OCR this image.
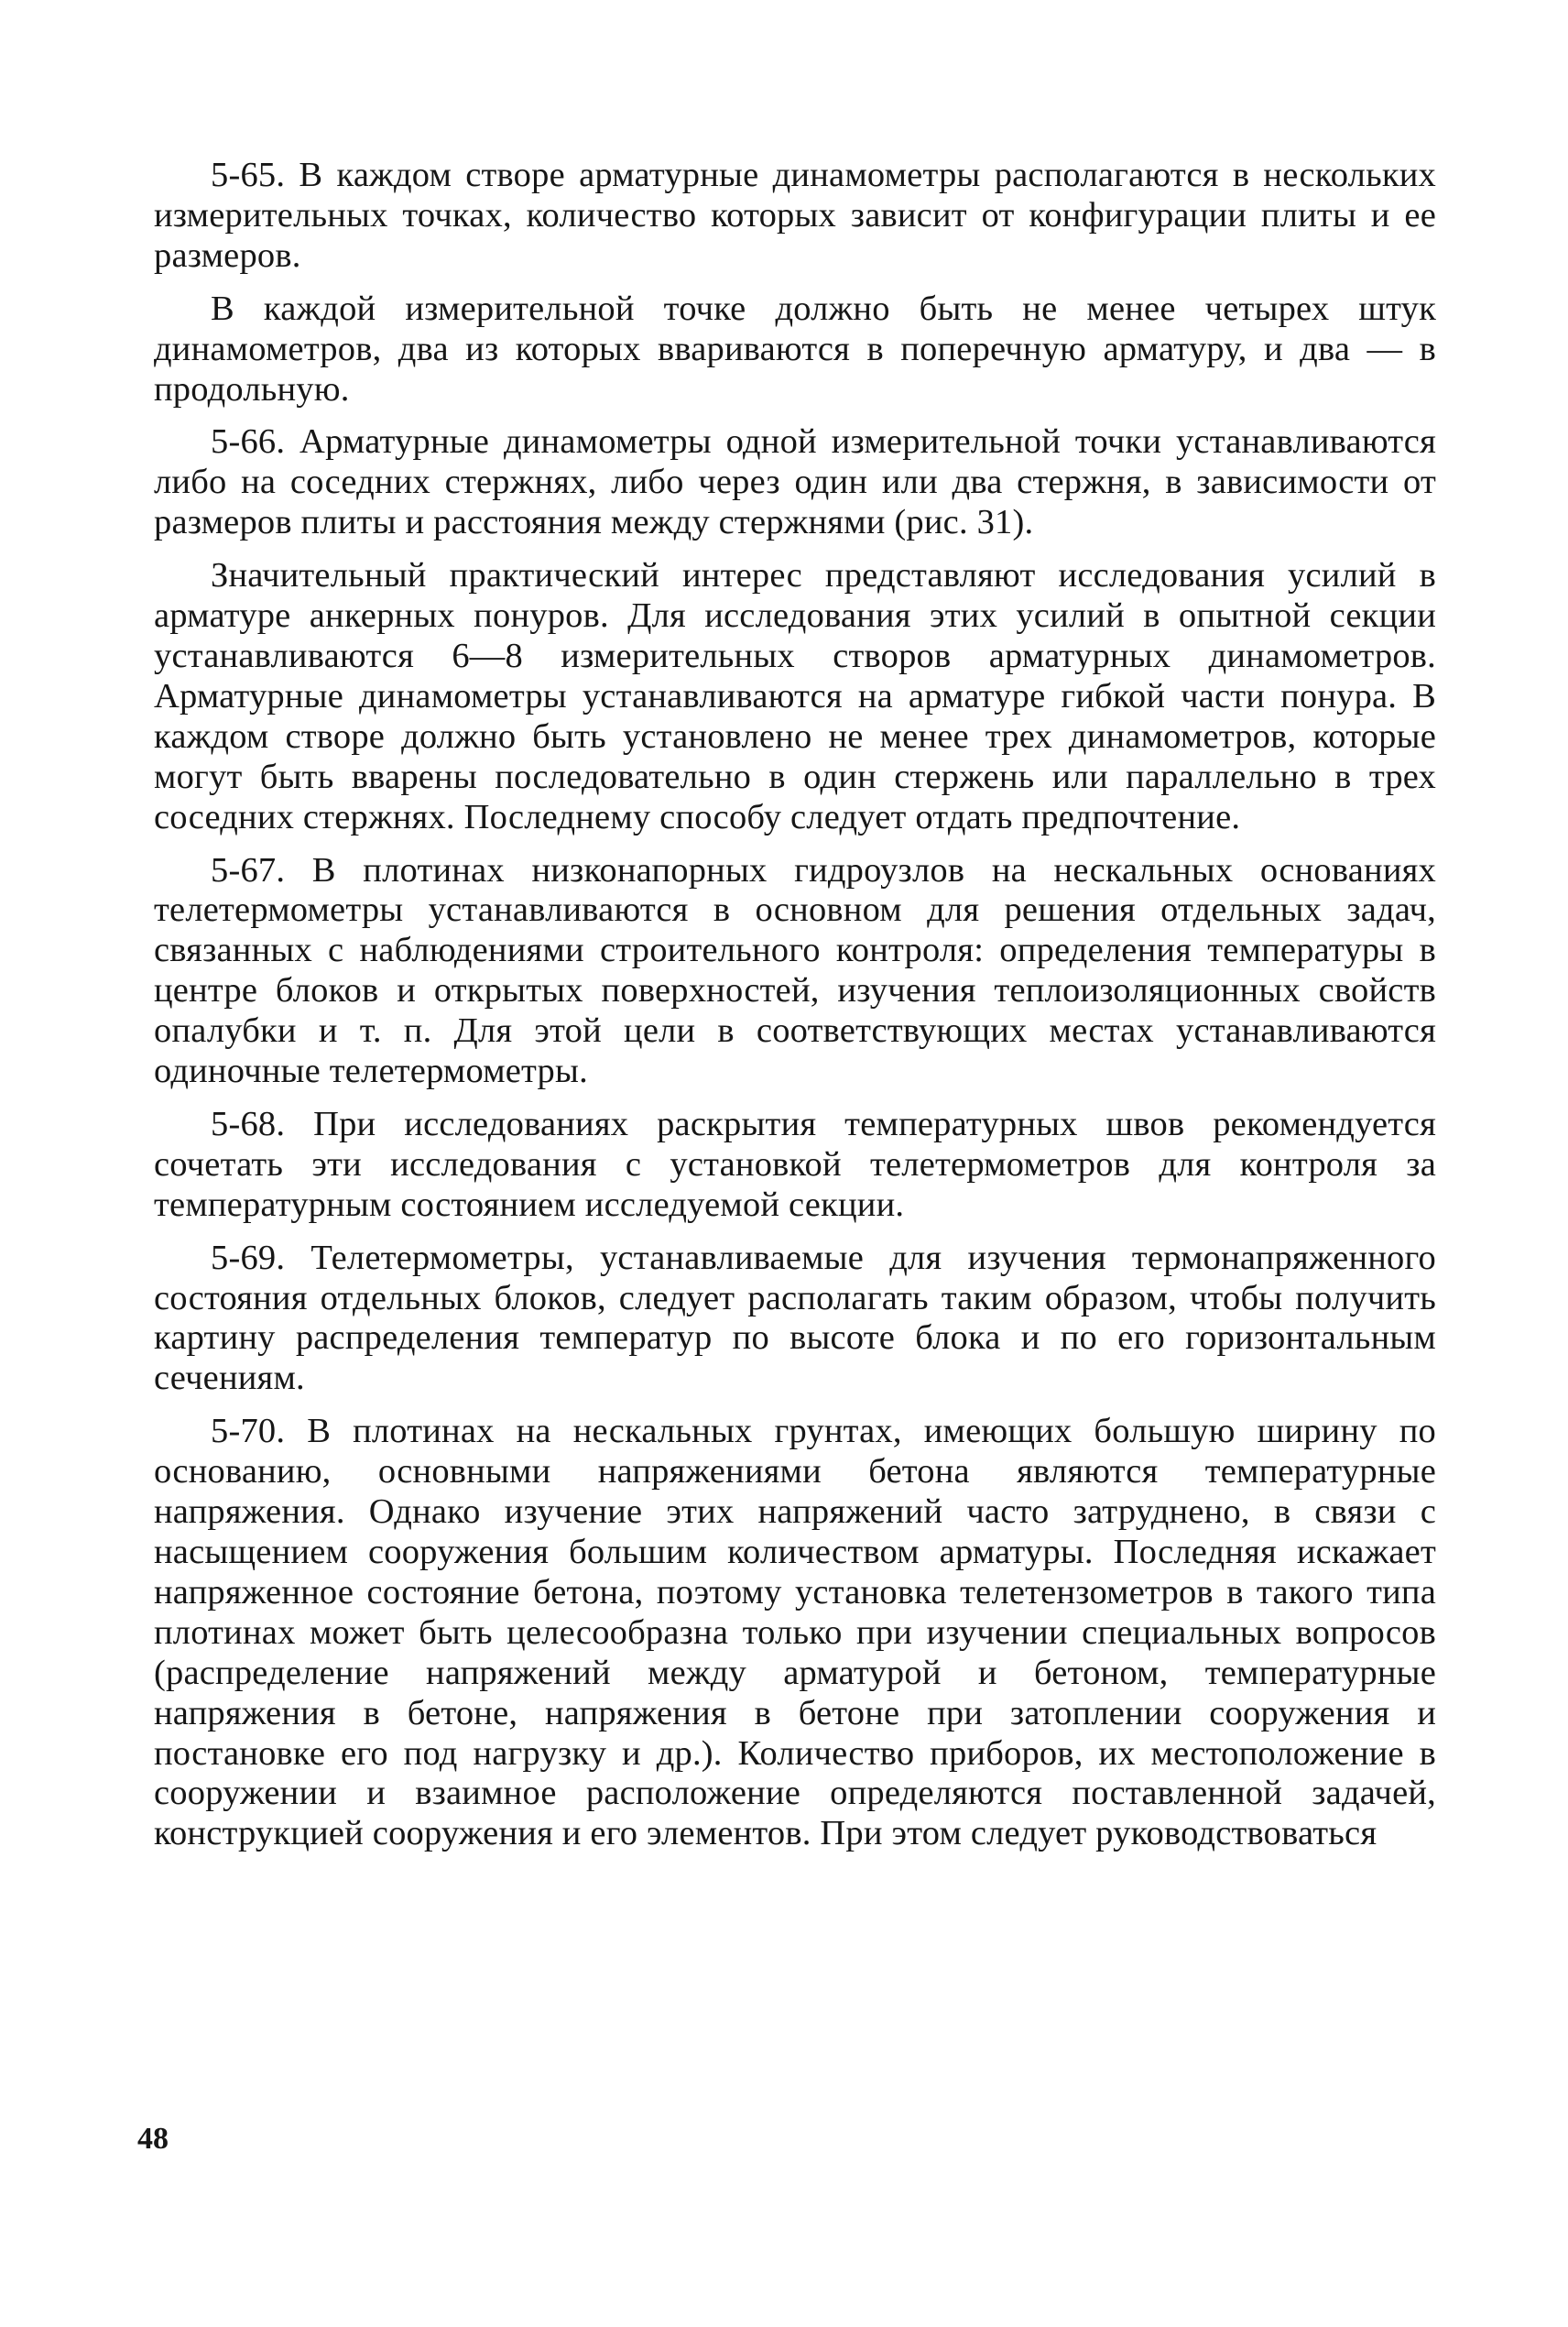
5-65. В каждом створе арматурные динамометры располагаются в нескольких измерительных точках, количество которых зависит от конфигурации плиты и ее размеров.

В каждой измерительной точке должно быть не менее четырех штук динамометров, два из которых ввариваются в поперечную арматуру, и два — в продольную.

5-66. Арматурные динамометры одной измерительной точки устанавливаются либо на соседних стержнях, либо через один или два стержня, в зависимости от размеров плиты и расстояния между стержнями (рис. 31).

Значительный практический интерес представляют исследования усилий в арматуре анкерных понуров. Для исследования этих усилий в опытной секции устанавливаются 6—8 измерительных створов арматурных динамометров. Арматурные динамометры устанавливаются на арматуре гибкой части понура. В каждом створе должно быть установлено не менее трех динамометров, которые могут быть вварены последовательно в один стержень или параллельно в трех соседних стержнях. Последнему способу следует отдать предпочтение.

5-67. В плотинах низконапорных гидроузлов на нескальных основаниях телетермометры устанавливаются в основном для решения отдельных задач, связанных с наблюдениями строительного контроля: определения температуры в центре блоков и открытых поверхностей, изучения теплоизоляционных свойств опалубки и т. п. Для этой цели в соответствующих местах устанавливаются одиночные телетермометры.

5-68. При исследованиях раскрытия температурных швов рекомендуется сочетать эти исследования с установкой телетермометров для контроля за температурным состоянием исследуемой секции.

5-69. Телетермометры, устанавливаемые для изучения термонапряженного состояния отдельных блоков, следует располагать таким образом, чтобы получить картину распределения температур по высоте блока и по его горизонтальным сечениям.

5-70. В плотинах на нескальных грунтах, имеющих большую ширину по основанию, основными напряжениями бетона являются температурные напряжения. Однако изучение этих напряжений часто затруднено, в связи с насыщением сооружения большим количеством арматуры. Последняя искажает напряженное состояние бетона, поэтому установка телетензометров в такого типа плотинах может быть целесообразна только при изучении специальных вопросов (распределение напряжений между арматурой и бетоном, температурные напряжения в бетоне, напряжения в бетоне при затоплении сооружения и постановке его под нагрузку и др.). Количество приборов, их местоположение в сооружении и взаимное расположение определяются поставленной задачей, конструкцией сооружения и его элементов. При этом следует руководствоваться

48
